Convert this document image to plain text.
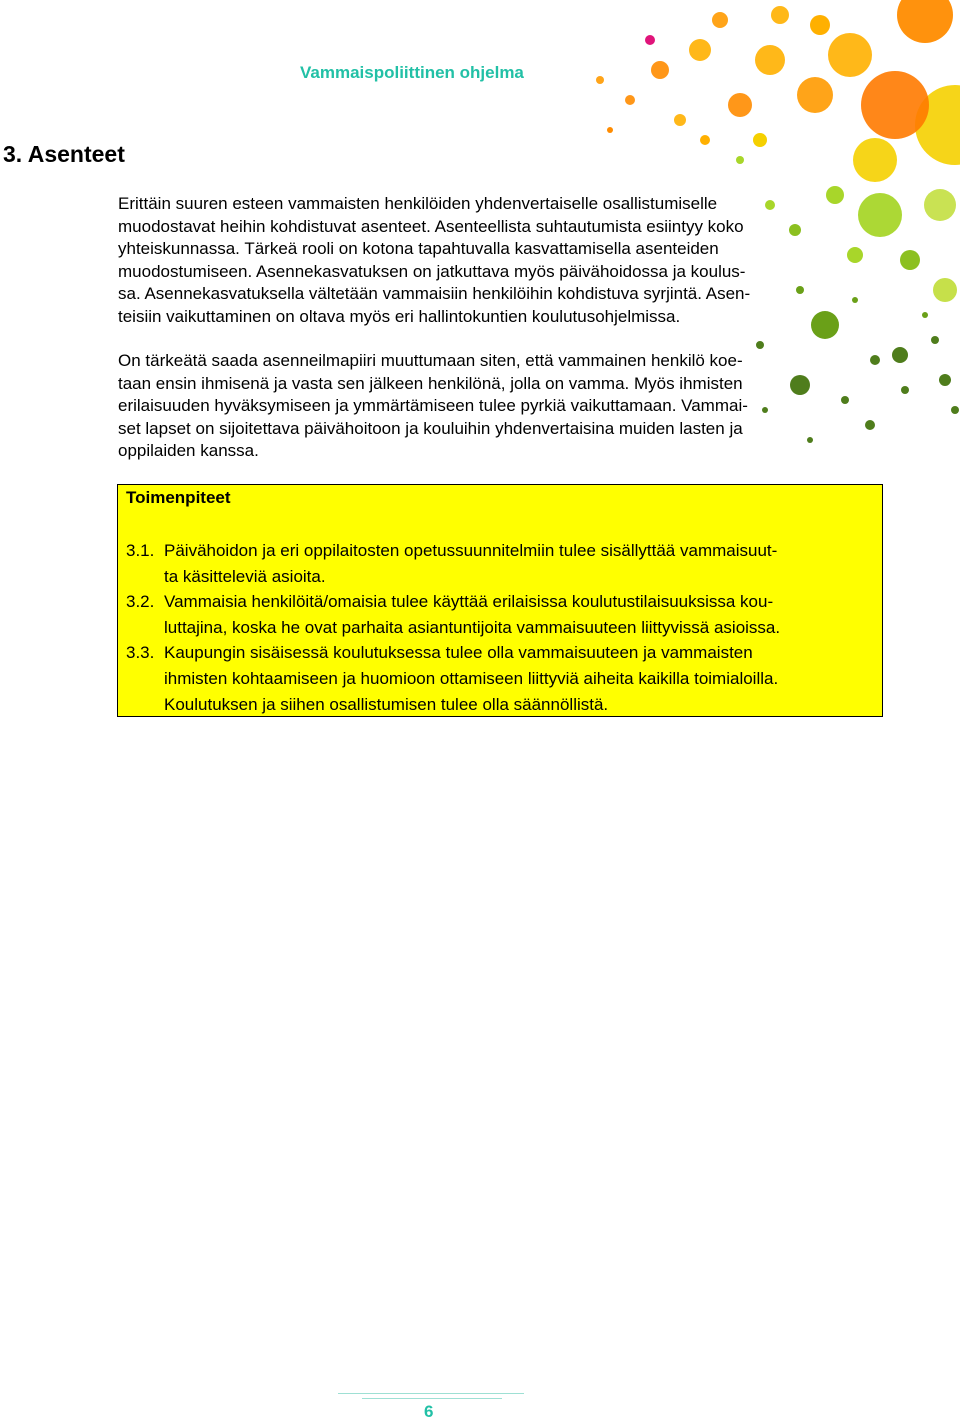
Vammaispoliittinen ohjelma
3. Asenteet
Erittäin suuren esteen vammaisten henkilöiden yhdenvertaiselle osallistumiselle
muodostavat heihin kohdistuvat asenteet. Asenteellista suhtautumista esiintyy koko
yhteiskunnassa. Tärkeä rooli on kotona tapahtuvalla kasvattamisella asenteiden
muodostumiseen. Asennekasvatuksen on jatkuttava myös päivähoidossa ja koulus-
sa. Asennekasvatuksella vältetään vammaisiin henkilöihin kohdistuva syrjintä. Asen-
teisiin vaikuttaminen on oltava myös eri hallintokuntien koulutusohjelmissa.
On tärkeätä saada asenneilmapiiri muuttumaan siten, että vammainen henkilö koe-
taan ensin ihmisenä ja vasta sen jälkeen henkilönä, jolla on vamma. Myös ihmisten
erilaisuuden hyväksymiseen ja ymmärtämiseen tulee pyrkiä vaikuttamaan. Vammai-
set lapset on sijoitettava päivähoitoon ja kouluihin yhdenvertaisina muiden lasten ja
oppilaiden kanssa.
Toimenpiteet
3.1. Päivähoidon ja eri oppilaitosten opetussuunnitelmiin tulee sisällyttää vammaisuut-
ta käsitteleviä asioita.
3.2. Vammaisia henkilöitä/omaisia tulee käyttää erilaisissa koulutustilaisuuksissa kou-
luttajina, koska he ovat parhaita asiantuntijoita vammaisuuteen liittyvissä asioissa.
3.3. Kaupungin sisäisessä koulutuksessa tulee olla vammaisuuteen ja vammaisten
ihmisten kohtaamiseen ja huomioon ottamiseen liittyviä aiheita kaikilla toimialoilla.
Koulutuksen ja siihen osallistumisen tulee olla säännöllistä.
6
